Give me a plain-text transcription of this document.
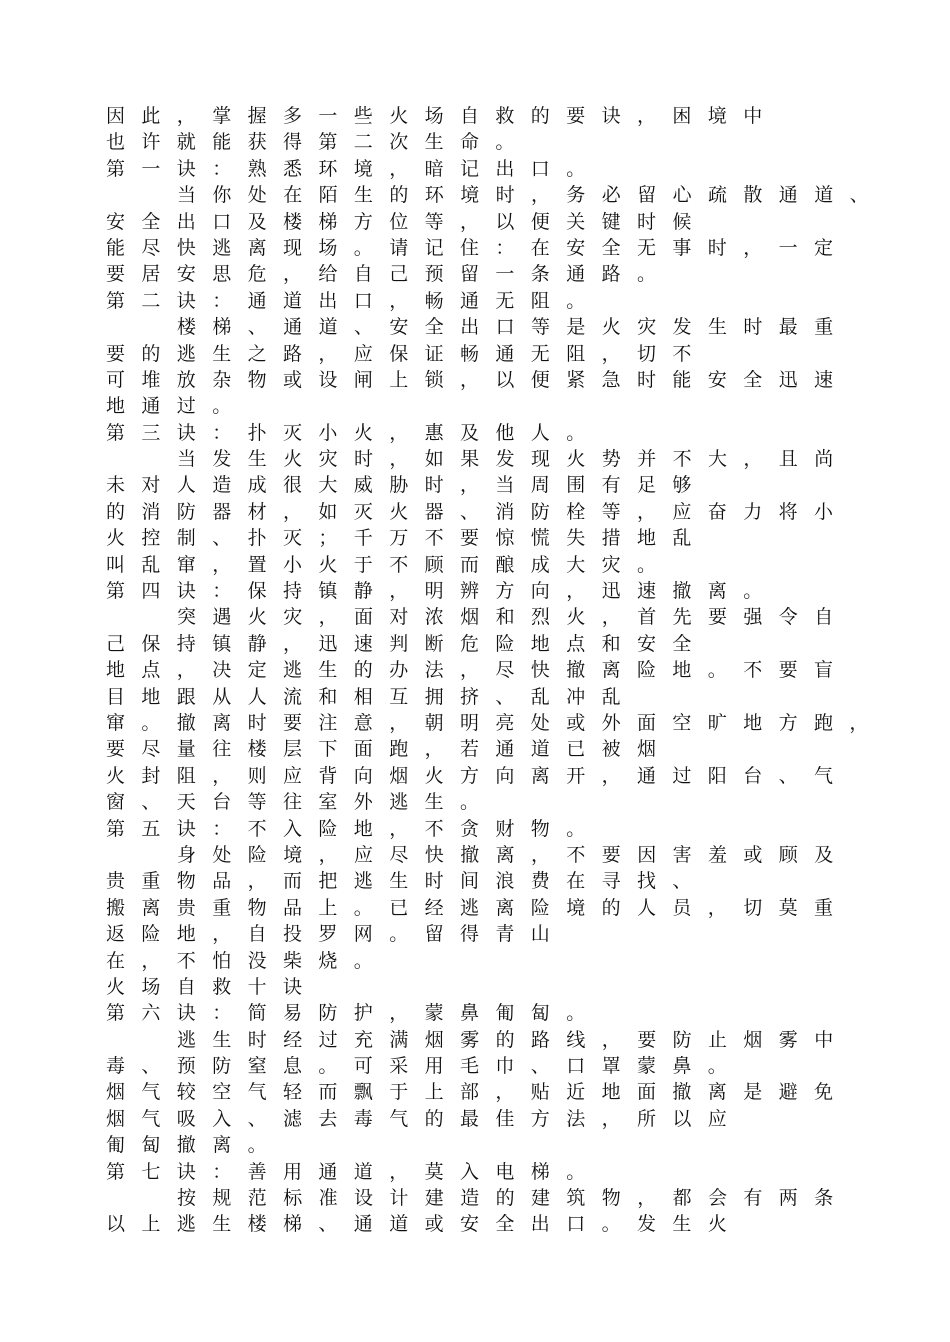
因此，掌握多一些火场自救的要诀，困境中
也许就能获得第二次生命。
第一诀：熟悉环境，暗记出口。
当你处在陌生的环境时，务必留心疏散通道、
安全出口及楼梯方位等，以便关键时候
能尽快逃离现场。请记住：在安全无事时，一定
要居安思危，给自己预留一条通路。
第二诀：通道出口，畅通无阻。
楼梯、通道、安全出口等是火灾发生时最重
要的逃生之路，应保证畅通无阻，切不
可堆放杂物或设闸上锁，以便紧急时能安全迅速
地通过。
第三诀：扑灭小火，惠及他人。
当发生火灾时，如果发现火势并不大，且尚
未对人造成很大威胁时，当周围有足够
的消防器材，如灭火器、消防栓等，应奋力将小
火控制、扑灭；千万不要惊慌失措地乱
叫乱窜，置小火于不顾而酿成大灾。
第四诀：保持镇静，明辨方向，迅速撤离。
突遇火灾，面对浓烟和烈火，首先要强令自
己保持镇静，迅速判断危险地点和安全
地点，决定逃生的办法，尽快撤离险地。不要盲
目地跟从人流和相互拥挤、乱冲乱
窜。撤离时要注意，朝明亮处或外面空旷地方跑，
要尽量往楼层下面跑，若通道已被烟
火封阻，则应背向烟火方向离开，通过阳台、气
窗、天台等往室外逃生。
第五诀：不入险地，不贪财物。
身处险境，应尽快撤离，不要因害羞或顾及
贵重物品，而把逃生时间浪费在寻找、
搬离贵重物品上。已经逃离险境的人员，切莫重
返险地，自投罗网。留得青山
在，不怕没柴烧。
火场自救十诀
第六诀：简易防护，蒙鼻匍匐。
逃生时经过充满烟雾的路线，要防止烟雾中
毒、预防窒息。可采用毛巾、口罩蒙鼻。
烟气较空气轻而飘于上部，贴近地面撤离是避免
烟气吸入、滤去毒气的最佳方法，所以应
匍匐撤离。
第七诀：善用通道，莫入电梯。
按规范标准设计建造的建筑物，都会有两条
以上逃生楼梯、通道或安全出口。发生火
